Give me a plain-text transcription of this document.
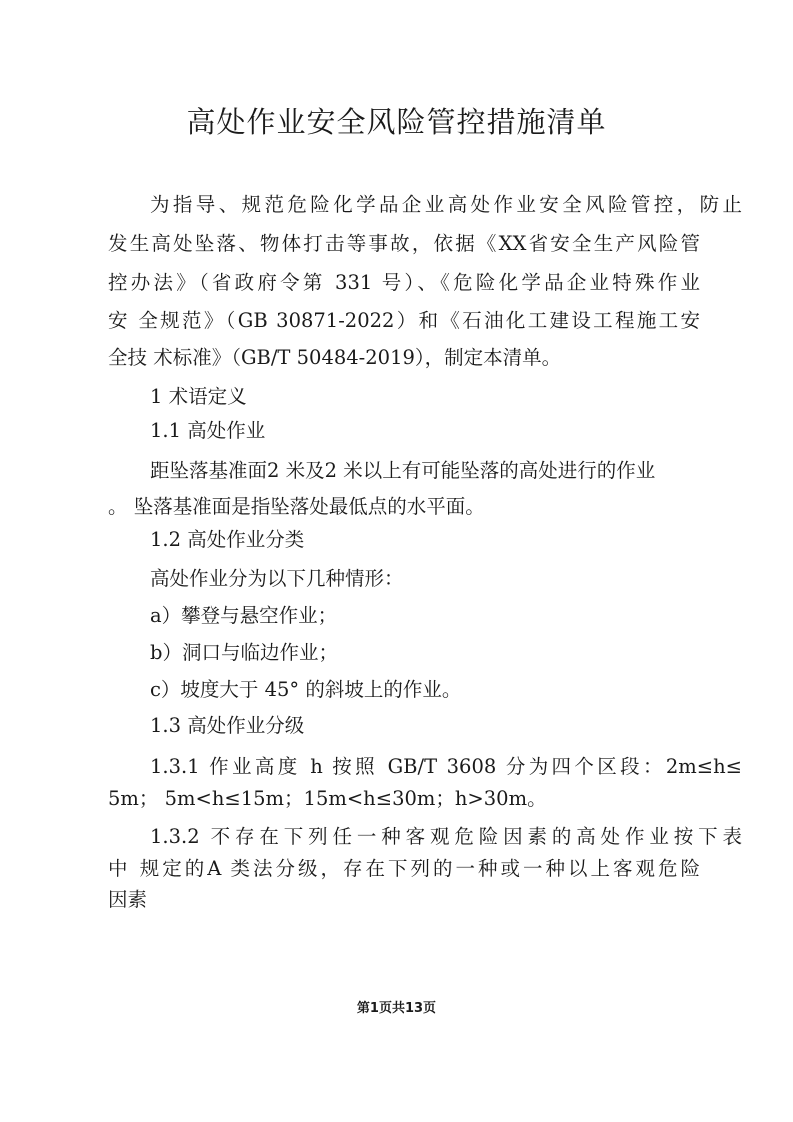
高处作业安全风险管控措施清单
为指导、规范危险化学品企业高处作业安全风险管控，防止
发生高处坠落、物体打击等事故，依据《XX省安全生产风险管
控办法》（省政府令第 331 号）、《危险化学品企业特殊作业
安 全规范》（GB 30871-2022）和《石油化工建设工程施工安
全技 术标准》（GB/T 50484-2019），制定本清单。
1 术语定义
1.1 高处作业
距坠落基准面2 米及2 米以上有可能坠落的高处进行的作业
。 坠落基准面是指坠落处最低点的水平面。
1.2 高处作业分类
高处作业分为以下几种情形：
a）攀登与悬空作业；
b）洞口与临边作业；
c）坡度大于 45° 的斜坡上的作业。
1.3 高处作业分级
1.3.1 作业高度 h 按照 GB/T 3608 分为四个区段：2m≤h≤
5m； 5m<h≤15m；15m<h≤30m；h>30m。
1.3.2 不存在下列任一种客观危险因素的高处作业按下表
中 规定的A 类法分级，存在下列的一种或一种以上客观危险
因素
第1页共13页
